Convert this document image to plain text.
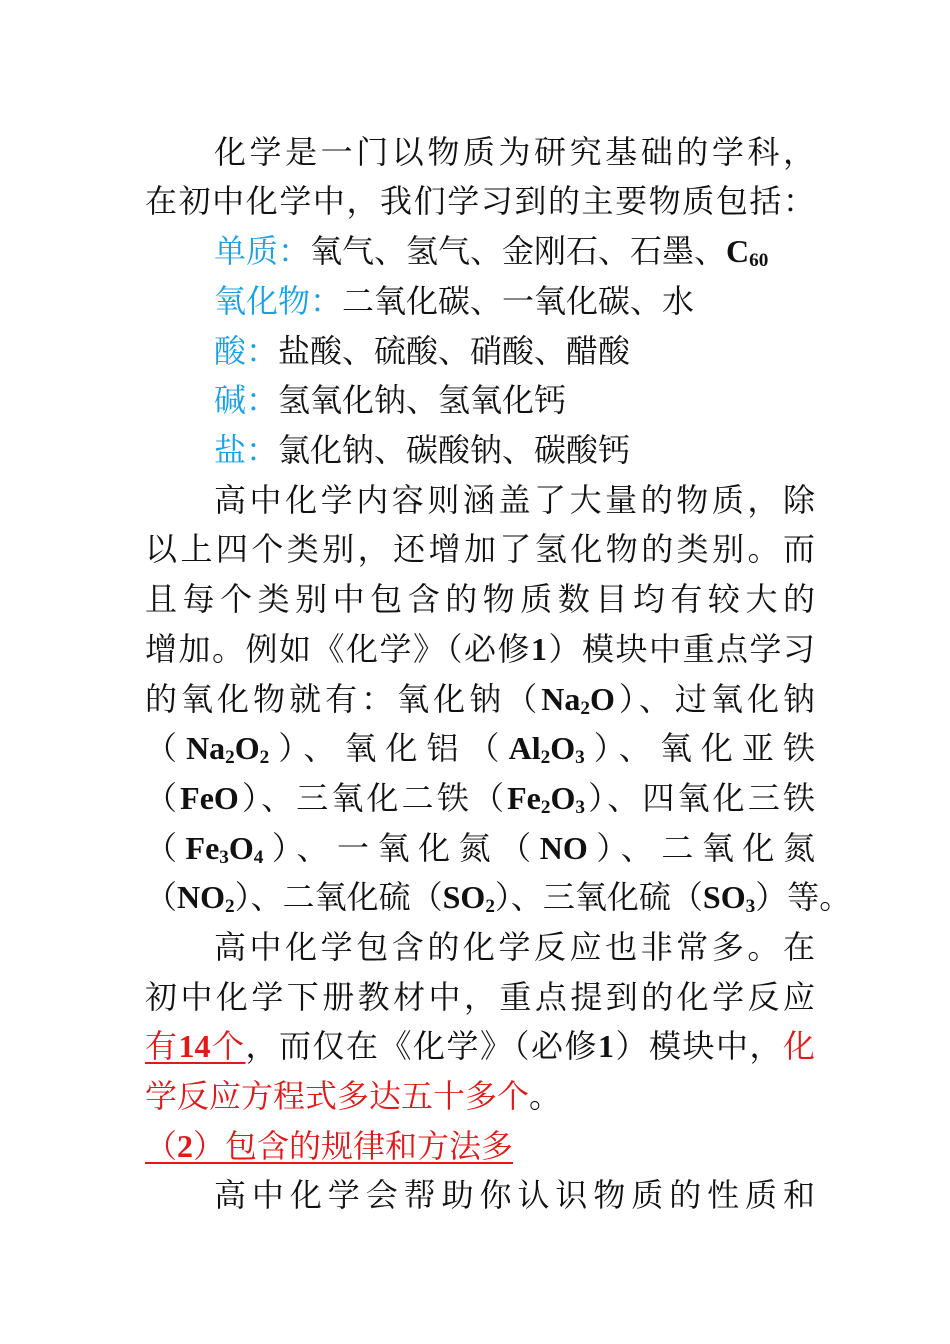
化学是一门以物质为研究基础的学科，
在初中化学中，我们学习到的主要物质包括：
单质：氧气、氢气、金刚石、石墨、$C_{60}$
氧化物：二氧化碳、一氧化碳、水
酸：盐酸、硫酸、硝酸、醋酸
碱：氢氧化钠、氢氧化钙
盐：氯化钠、碳酸钠、碳酸钙
高中化学内容则涵盖了大量的物质，除
以上四个类别，还增加了氢化物的类别。而
且每个类别中包含的物质数目均有较大的
增加。例如《化学》（必修1）模块中重点学习
的氧化物就有：氧化钠$(Na_2O)$、过氧化钠
$(Na_2O_2)$、氧化铝$(Al_2O_3)$、氧化亚铁
（FeO）、三氧化二铁$(Fe_2O_3)$、四氧化三铁
$(Fe_3O_4)$、一氧化氮（NO）、二氧化氮
$(NO_2)$、二氧化硫$(SO_2)$、三氧化硫$(SO_3)$等。
高中化学包含的化学反应也非常多。在
初中化学下册教材中，重点提到的化学反应
有14个，而仅在《化学》（必修1）模块中，化
学反应方程式多达五十多个。
（2）包含的规律和方法多
高中化学会帮助你认识物质的性质和
